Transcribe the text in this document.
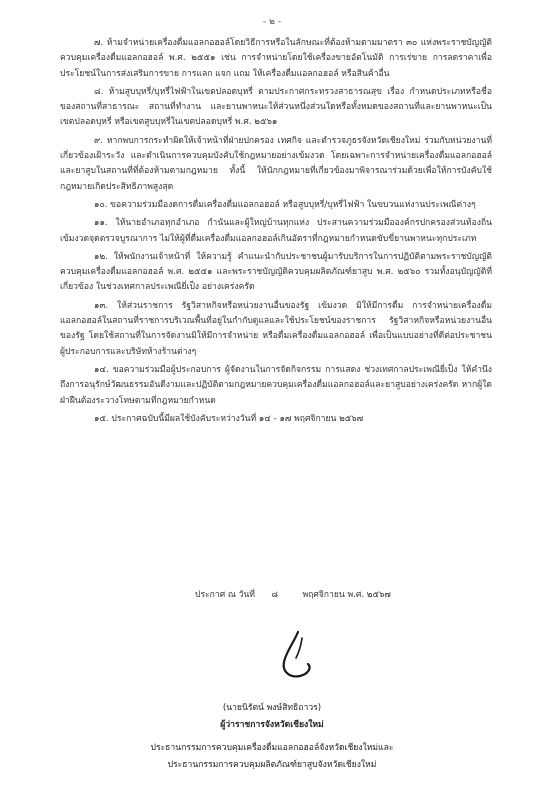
- ๒ -

๗. ห้ามจำหน่ายเครื่องดื่มแอลกอฮอล์โดยวิธีการหรือในลักษณะที่ต้องห้ามตามมาตรา ๓๐ แห่งพระราชบัญญัติควบคุมเครื่องดื่มแอลกอฮอล์ พ.ศ. ๒๕๕๑ เช่น การจำหน่ายโดยใช้เครื่องขายอัตโนมัติ การเร่ขาย การลดราคาเพื่อประโยชน์ในการส่งเสริมการขาย การแลก แจก แถม ให้เครื่องดื่มแอลกอฮอล์ หรือสินค้าอื่น

๘. ห้ามสูบบุหรี่/บุหรี่ไฟฟ้าในเขตปลอดบุหรี่ ตามประกาศกระทรวงสาธารณสุข เรื่อง กำหนดประเภทหรือชื่อของสถานที่สาธารณะ สถานที่ทำงาน และยานพาหนะให้ส่วนหนึ่งส่วนใดหรือทั้งหมดของสถานที่และยานพาหนะเป็นเขตปลอดบุหรี่ หรือเขตสูบบุหรี่ในเขตปลอดบุหรี่ พ.ศ. ๒๕๖๑

๙. หากพบการกระทำผิดให้เจ้าหน้าที่ฝ่ายปกครอง เทศกิจ และตำรวจภูธรจังหวัดเชียงใหม่ ร่วมกับหน่วยงานที่เกี่ยวข้องเฝ้าระวัง และดำเนินการควบคุมบังคับใช้กฎหมายอย่างเข้มงวด โดยเฉพาะการจำหน่ายเครื่องดื่มแอลกอฮอล์และยาสูบในสถานที่ที่ต้องห้ามตามกฎหมาย ทั้งนี้ ให้นักกฎหมายที่เกี่ยวข้องมาพิจารณาร่วมด้วยเพื่อให้การบังคับใช้กฎหมายเกิดประสิทธิภาพสูงสุด

๑๐. ขอความร่วมมืองดการดื่มเครื่องดื่มแอลกอฮอล์ หรือสูบบุหรี่/บุหรี่ไฟฟ้า ในขบวนแห่งานประเพณีต่างๆ

๑๑. ให้นายอำเภอทุกอำเภอ กำนันและผู้ใหญ่บ้านทุกแห่ง ประสานความร่วมมือองค์กรปกครองส่วนท้องถิ่น เข้มงวดจุดตรวจบูรณาการ ไม่ให้ผู้ที่ดื่มเครื่องดื่มแอลกอฮอล์เกินอัตราที่กฎหมายกำหนดขับขี่ยานพาหนะทุกประเภท

๑๒. ให้พนักงานเจ้าหน้าที่ ให้ความรู้ คำแนะนำกับประชาชนผู้มารับบริการในการปฏิบัติตามพระราชบัญญัติควบคุมเครื่องดื่มแอลกอฮอล์ พ.ศ. ๒๕๕๑ และพระราชบัญญัติควบคุมผลิตภัณฑ์ยาสูบ พ.ศ. ๒๕๖๐ รวมทั้งอนุบัญญัติที่เกี่ยวข้อง ในช่วงเทศกาลประเพณียี่เป็ง อย่างเคร่งครัด

๑๓. ให้ส่วนราชการ รัฐวิสาหกิจหรือหน่วยงานอื่นของรัฐ เข้มงวด มิให้มีการดื่ม การจำหน่ายเครื่องดื่มแอลกอฮอล์ในสถานที่ราชการบริเวณพื้นที่อยู่ในกำกับดูแลและใช้ประโยชน์ของราชการ รัฐวิสาหกิจหรือหน่วยงานอื่นของรัฐ โดยใช้สถานที่ในการจัดงานมิให้มีการจำหน่าย หรือดื่มเครื่องดื่มแอลกอฮอล์ เพื่อเป็นแบบอย่างที่ดีต่อประชาชน ผู้ประกอบการและบริษัทห้างร้านต่างๆ

๑๔. ขอความร่วมมือผู้ประกอบการ ผู้จัดงานในการจัดกิจกรรม การแสดง ช่วงเทศกาลประเพณียี่เป็ง ให้คำนึงถึงการอนุรักษ์วัฒนธรรมอันดีงามและปฏิบัติตามกฎหมายควบคุมเครื่องดื่มแอลกอฮอล์และยาสูบอย่างเคร่งครัด หากผู้ใดฝ่าฝืนต้องระวางโทษตามที่กฎหมายกำหนด

๑๕. ประกาศฉบับนี้มีผลใช้บังคับระหว่างวันที่ ๑๔ - ๑๗ พฤศจิกายน ๒๕๖๗

ประกาศ ณ วันที่ ๘	พฤศจิกายน พ.ศ. ๒๕๖๗
(นายนิรัตน์ พงษ์สิทธิถาวร)
ผู้ว่าราชการจังหวัดเชียงใหม่
ประธานกรรมการควบคุมเครื่องดื่มแอลกอฮอล์จังหวัดเชียงใหม่และ
ประธานกรรมการควบคุมผลิตภัณฑ์ยาสูบจังหวัดเชียงใหม่
